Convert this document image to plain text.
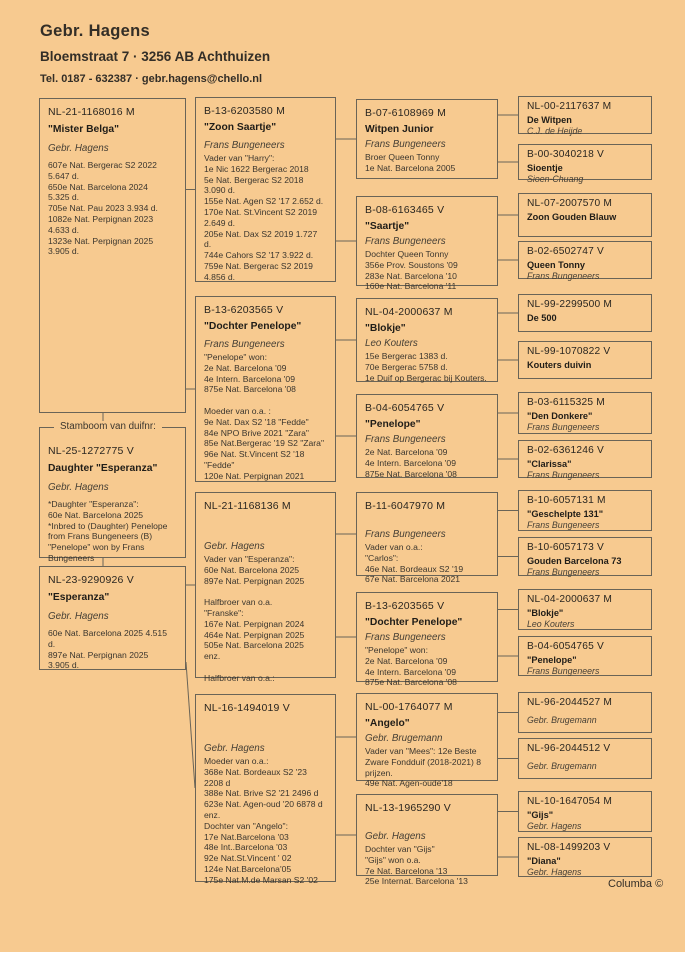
Gebr. Hagens
Bloemstraat 7 · 3256 AB Achthuizen
Tel. 0187 - 632387 · gebr.hagens@chello.nl
NL-21-1168016 M
"Mister Belga"
Gebr. Hagens
607e Nat. Bergerac S2 2022
5.647 d.
650e Nat. Barcelona 2024
5.325 d.
705e Nat. Pau 2023 3.934 d.
1082e Nat. Perpignan 2023
4.633 d.
1323e Nat. Perpignan 2025
3.905 d.
Stamboom van duifnr:
NL-25-1272775 V
Daughter "Esperanza"
Gebr. Hagens
*Daughter "Esperanza":
60e Nat. Barcelona 2025
*Inbred to (Daughter) Penelope
from Frans Bungeneers (B)
"Penelope" won by Frans
Bungeneers
NL-23-9290926 V
"Esperanza"
Gebr. Hagens
60e Nat. Barcelona 2025 4.515
d.
897e Nat. Perpignan 2025
3.905 d.
B-13-6203580 M
"Zoon Saartje"
Frans Bungeneers
Vader van "Harry":
1e Nic 1622 Bergerac 2018
5e Nat. Bergerac S2 2018
3.090 d.
155e Nat. Agen S2 '17 2.652 d.
170e Nat. St.Vincent S2 2019
2.649 d.
205e Nat. Dax S2 2019 1.727
d.
744e Cahors S2 '17 3.922 d.
759e Nat. Bergerac S2 2019
4.856 d.
B-13-6203565 V
"Dochter Penelope"
Frans Bungeneers
"Penelope" won:
2e Nat. Barcelona '09
4e Intern. Barcelona '09
875e Nat. Barcelona '08
Moeder van o.a. :
9e Nat. Dax S2 '18 "Fedde"
84e NPO Brive 2021 "Zara"
85e Nat.Bergerac '19 S2 "Zara"
96e Nat. St.Vincent S2 '18
"Fedde"
120e Nat. Perpignan 2021
NL-21-1168136 M
Gebr. Hagens
Vader van "Esperanza":
60e Nat. Barcelona 2025
897e Nat. Perpignan 2025
Halfbroer van o.a.
"Franske":
167e Nat. Perpignan 2024
464e Nat. Perpignan 2025
505e Nat. Barcelona 2025
enz.
Halfbroer van o.a.:
NL-16-1494019 V
Gebr. Hagens
Moeder van o.a.:
368e Nat. Bordeaux S2 '23
2208 d
388e Nat. Brive S2 '21 2496 d
623e Nat. Agen-oud '20 6878 d
enz.
Dochter van "Angelo":
17e Nat.Barcelona '03
48e Int..Barcelona '03
92e Nat.St.Vincent ' 02
124e Nat.Barcelona'05
175e Nat.M.de Marsan S2 '02
B-07-6108969 M
Witpen Junior
Frans Bungeneers
Broer Queen Tonny
1e Nat. Barcelona 2005
B-08-6163465 V
"Saartje"
Frans Bungeneers
Dochter Queen Tonny
356e Prov. Soustons '09
283e Nat. Barcelona '10
160e Nat. Barcelona '11
NL-04-2000637 M
"Blokje"
Leo Kouters
15e Bergerac 1383 d.
70e Bergerac 5758 d.
1e Duif op Bergerac bij Kouters.
B-04-6054765 V
"Penelope"
Frans Bungeneers
2e Nat. Barcelona '09
4e Intern. Barcelona '09
875e Nat. Barcelona '08
B-11-6047970 M
Frans Bungeneers
Vader van o.a.:
"Carlos":
46e Nat. Bordeaux S2 '19
67e Nat. Barcelona 2021
B-13-6203565 V
"Dochter Penelope"
Frans Bungeneers
"Penelope" won:
2e Nat. Barcelona '09
4e Intern. Barcelona '09
875e Nat. Barcelona '08
NL-00-1764077 M
"Angelo"
Gebr. Brugemann
Vader van "Mees": 12e Beste
Zware Fondduif (2018-2021) 8
prijzen.
49e Nat. Agen-oude'18
NL-13-1965290 V
Gebr. Hagens
Dochter van "Gijs"
"Gijs" won o.a.
7e Nat. Barcelona '13
25e Internat. Barcelona '13
NL-00-2117637 M
De Witpen
C.J. de Heijde
B-00-3040218 V
Sioentje
Sioen-Chuang
NL-07-2007570 M
Zoon Gouden Blauw
B-02-6502747 V
Queen Tonny
Frans Bungeneers
NL-99-2299500 M
De 500
NL-99-1070822 V
Kouters duivin
B-03-6115325 M
"Den Donkere"
Frans Bungeneers
B-02-6361246 V
"Clarissa"
Frans Bungeneers
B-10-6057131 M
"Geschelpte 131"
Frans Bungeneers
B-10-6057173 V
Gouden Barcelona 73
Frans Bungeneers
NL-04-2000637 M
"Blokje"
Leo Kouters
B-04-6054765 V
"Penelope"
Frans Bungeneers
NL-96-2044527 M
Gebr. Brugemann
NL-96-2044512 V
Gebr. Brugemann
NL-10-1647054 M
"Gijs"
Gebr. Hagens
NL-08-1499203 V
"Diana"
Gebr. Hagens
Columba ©
